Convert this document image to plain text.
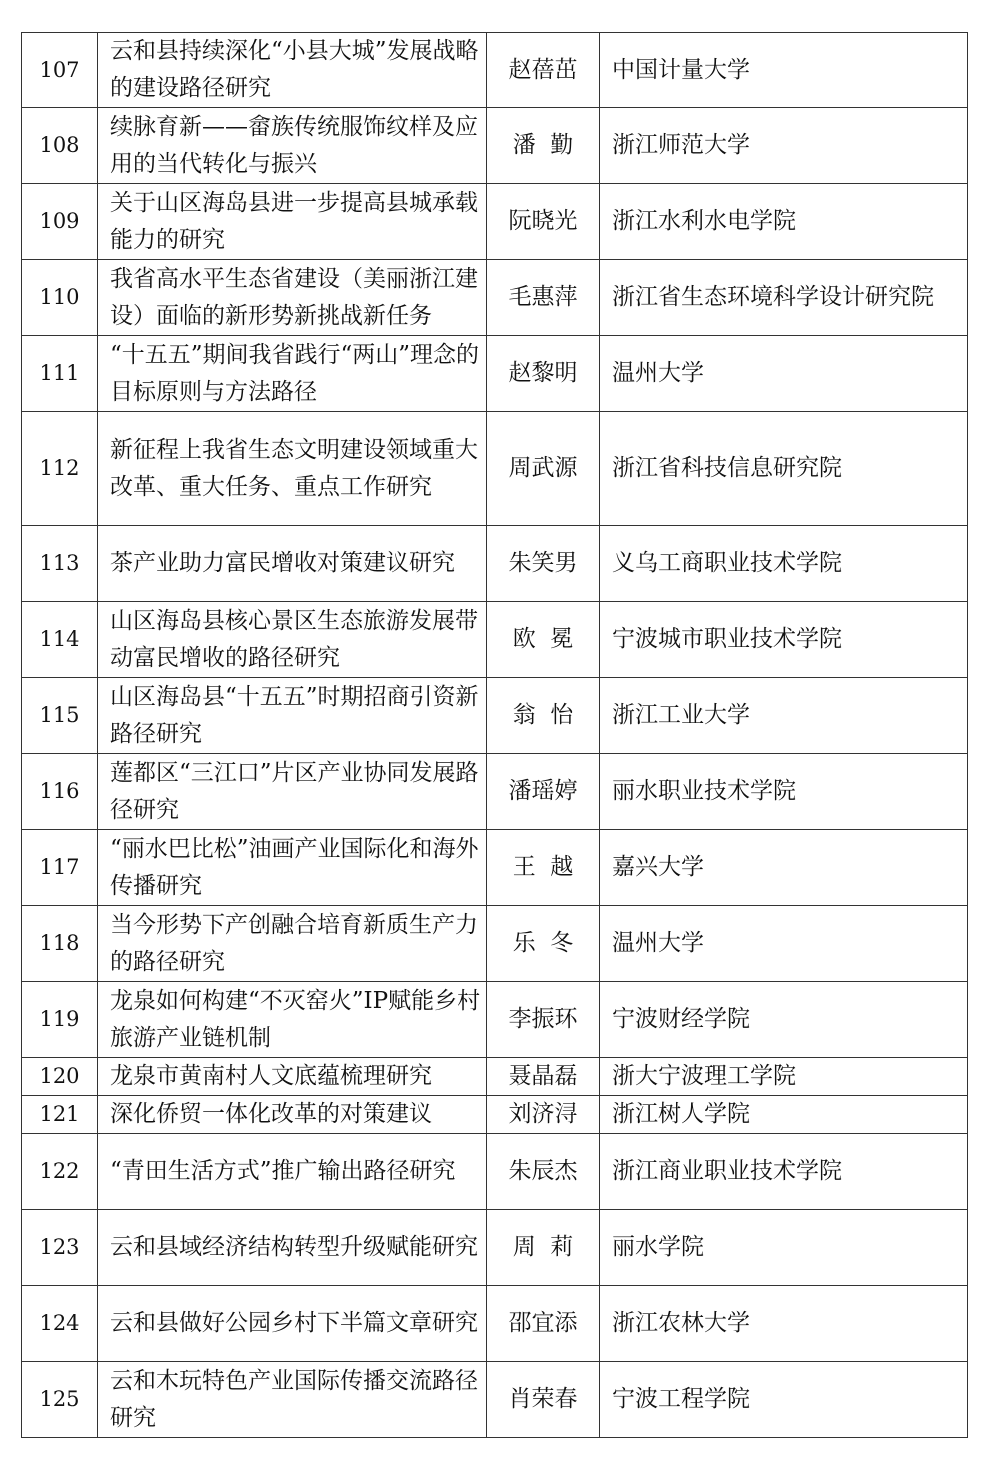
107	云和县持续深化“小县大城”发展战略的建设路径研究	赵蓓茁	中国计量大学
108	续脉育新——畲族传统服饰纹样及应用的当代转化与振兴	潘  勤	浙江师范大学
109	关于山区海岛县进一步提高县城承载能力的研究	阮晓光	浙江水利水电学院
110	我省高水平生态省建设（美丽浙江建设）面临的新形势新挑战新任务	毛惠萍	浙江省生态环境科学设计研究院
111	“十五五”期间我省践行“两山”理念的目标原则与方法路径	赵黎明	温州大学
112	新征程上我省生态文明建设领域重大改革、重大任务、重点工作研究	周武源	浙江省科技信息研究院
113	茶产业助力富民增收对策建议研究	朱笑男	义乌工商职业技术学院
114	山区海岛县核心景区生态旅游发展带动富民增收的路径研究	欧  冕	宁波城市职业技术学院
115	山区海岛县“十五五”时期招商引资新路径研究	翁  怡	浙江工业大学
116	莲都区“三江口”片区产业协同发展路径研究	潘瑶婷	丽水职业技术学院
117	“丽水巴比松”油画产业国际化和海外传播研究	王  越	嘉兴大学
118	当今形势下产创融合培育新质生产力的路径研究	乐  冬	温州大学
119	龙泉如何构建“不灭窑火”IP赋能乡村旅游产业链机制	李振环	宁波财经学院
120	龙泉市黄南村人文底蕴梳理研究	聂晶磊	浙大宁波理工学院
121	深化侨贸一体化改革的对策建议	刘济浔	浙江树人学院
122	“青田生活方式”推广输出路径研究	朱辰杰	浙江商业职业技术学院
123	云和县域经济结构转型升级赋能研究	周  莉	丽水学院
124	云和县做好公园乡村下半篇文章研究	邵宜添	浙江农林大学
125	云和木玩特色产业国际传播交流路径研究	肖荣春	宁波工程学院
